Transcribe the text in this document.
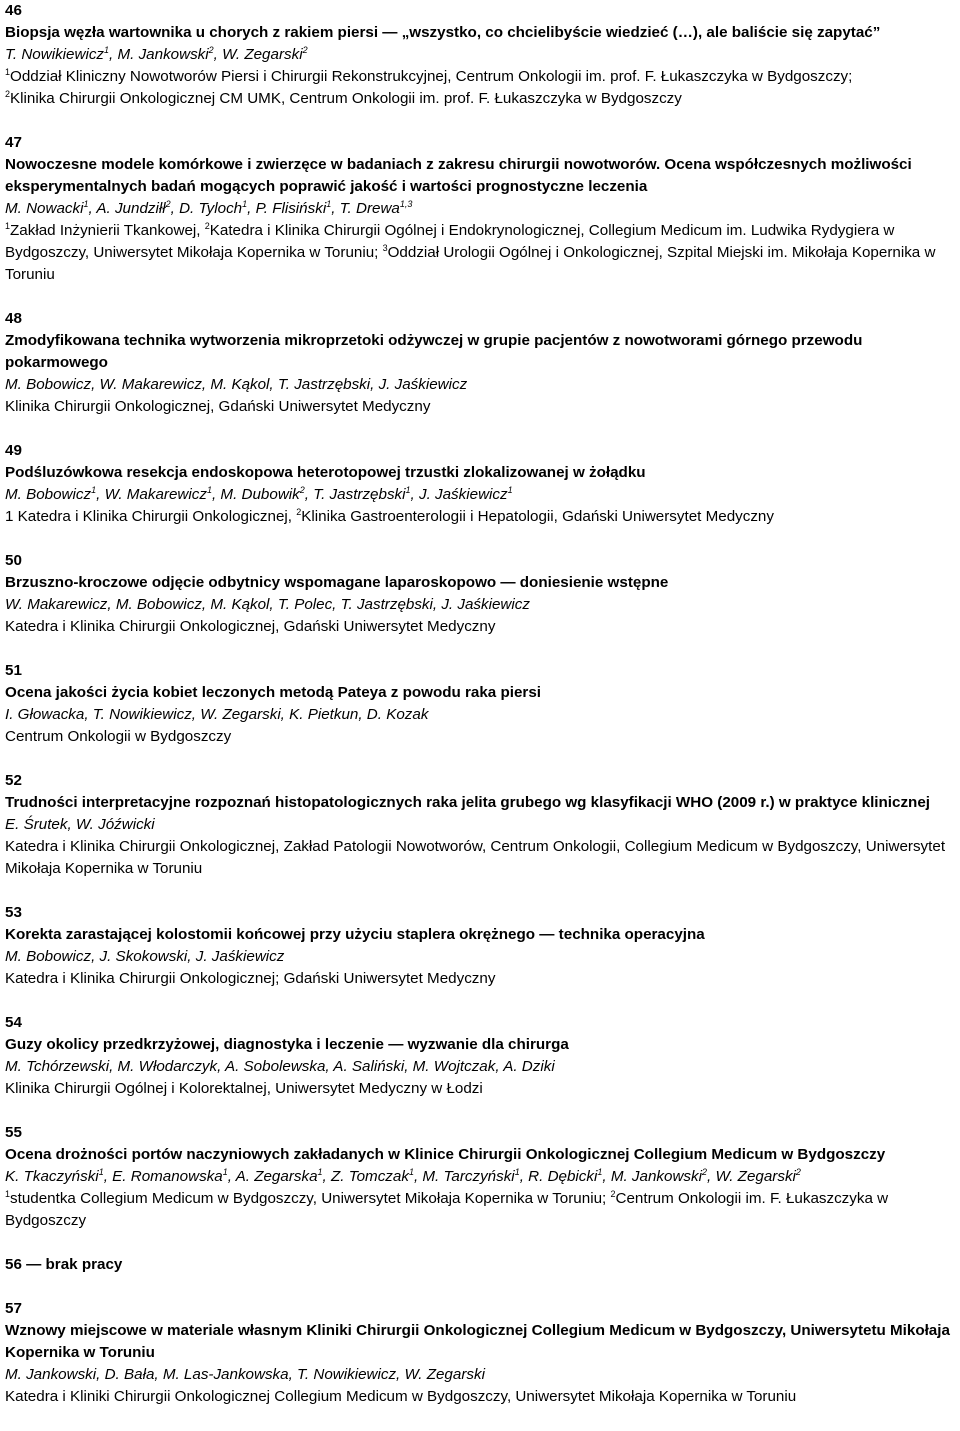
46
Biopsja węzła wartownika u chorych z rakiem piersi — „wszystko, co chcielibyście wiedzieć (…), ale baliście się zapytać”
T. Nowikiewicz$^1$, M. Jankowski$^2$, W. Zegarski$^2$
$^1$Oddział Kliniczny Nowotworów Piersi i Chirurgii Rekonstrukcyjnej, Centrum Onkologii im. prof. F. Łukaszczyka w Bydgoszczy;
$^2$Klinika Chirurgii Onkologicznej CM UMK, Centrum Onkologii im. prof. F. Łukaszczyka w Bydgoszczy
47
Nowoczesne modele komórkowe i zwierzęce w badaniach z zakresu chirurgii nowotworów. Ocena współczesnych możliwości eksperymentalnych badań mogących poprawić jakość i wartości prognostyczne leczenia
M. Nowacki$^1$, A. Jundziłł$^2$, D. Tyloch$^1$, P. Flisiński$^1$, T. Drewa$^{1,3}$
$^1$Zakład Inżynierii Tkankowej, $^2$Katedra i Klinika Chirurgii Ogólnej i Endokrynologicznej, Collegium Medicum im. Ludwika Rydygiera w Bydgoszczy, Uniwersytet Mikołaja Kopernika w Toruniu; $^3$Oddział Urologii Ogólnej i Onkologicznej, Szpital Miejski im. Mikołaja Kopernika w
Toruniu
48
Zmodyfikowana technika wytworzenia mikroprzetoki odżywczej w grupie pacjentów z nowotworami górnego przewodu pokarmowego
M. Bobowicz, W. Makarewicz, M. Kąkol, T. Jastrzębski, J. Jaśkiewicz
Klinika Chirurgii Onkologicznej, Gdański Uniwersytet Medyczny
49
Podśluzówkowa resekcja endoskopowa heterotopowej trzustki zlokalizowanej w żołądku
M. Bobowicz$^1$, W. Makarewicz$^1$, M. Dubowik$^2$, T. Jastrzębski$^1$, J. Jaśkiewicz$^1$
1 Katedra i Klinika Chirurgii Onkologicznej, $^2$Klinika Gastroenterologii i Hepatologii, Gdański Uniwersytet Medyczny
50
Brzuszno-kroczowe odjęcie odbytnicy wspomagane laparoskopowo — doniesienie wstępne
W. Makarewicz, M. Bobowicz, M. Kąkol, T. Polec, T. Jastrzębski, J. Jaśkiewicz
Katedra i Klinika Chirurgii Onkologicznej, Gdański Uniwersytet Medyczny
51
Ocena jakości życia kobiet leczonych metodą Pateya z powodu raka piersi
I. Głowacka, T. Nowikiewicz, W. Zegarski, K. Pietkun, D. Kozak
Centrum Onkologii w Bydgoszczy
52
Trudności interpretacyjne rozpoznań histopatologicznych raka jelita grubego wg klasyfikacji WHO (2009 r.) w praktyce klinicznej
E. Śrutek, W. Jóźwicki
Katedra i Klinika Chirurgii Onkologicznej, Zakład Patologii Nowotworów, Centrum Onkologii, Collegium Medicum w Bydgoszczy, Uniwersytet Mikołaja Kopernika w Toruniu
53
Korekta zarastającej kolostomii końcowej przy użyciu staplera okrężnego — technika operacyjna
M. Bobowicz, J. Skokowski, J. Jaśkiewicz
Katedra i Klinika Chirurgii Onkologicznej; Gdański Uniwersytet Medyczny
54
Guzy okolicy przedkrzyżowej, diagnostyka i leczenie — wyzwanie dla chirurga
M. Tchórzewski, M. Włodarczyk, A. Sobolewska, A. Saliński, M. Wojtczak, A. Dziki
Klinika Chirurgii Ogólnej i Kolorektalnej, Uniwersytet Medyczny w Łodzi
55
Ocena drożności portów naczyniowych zakładanych w Klinice Chirurgii Onkologicznej Collegium Medicum w Bydgoszczy
K. Tkaczyński$^1$, E. Romanowska$^1$, A. Zegarska$^1$, Z. Tomczak$^1$, M. Tarczyński$^1$, R. Dębicki$^1$, M. Jankowski$^2$, W. Zegarski$^2$
$^1$studentka Collegium Medicum w Bydgoszczy, Uniwersytet Mikołaja Kopernika w Toruniu; $^2$Centrum Onkologii im. F. Łukaszczyka w Bydgoszczy
56 — brak pracy
57
Wznowy miejscowe w materiale własnym Kliniki Chirurgii Onkologicznej Collegium Medicum w Bydgoszczy, Uniwersytetu Mikołaja Kopernika w Toruniu
M. Jankowski, D. Bała, M. Las-Jankowska, T. Nowikiewicz, W. Zegarski
Katedra i Kliniki Chirurgii Onkologicznej Collegium Medicum w Bydgoszczy, Uniwersytet Mikołaja Kopernika w Toruniu
